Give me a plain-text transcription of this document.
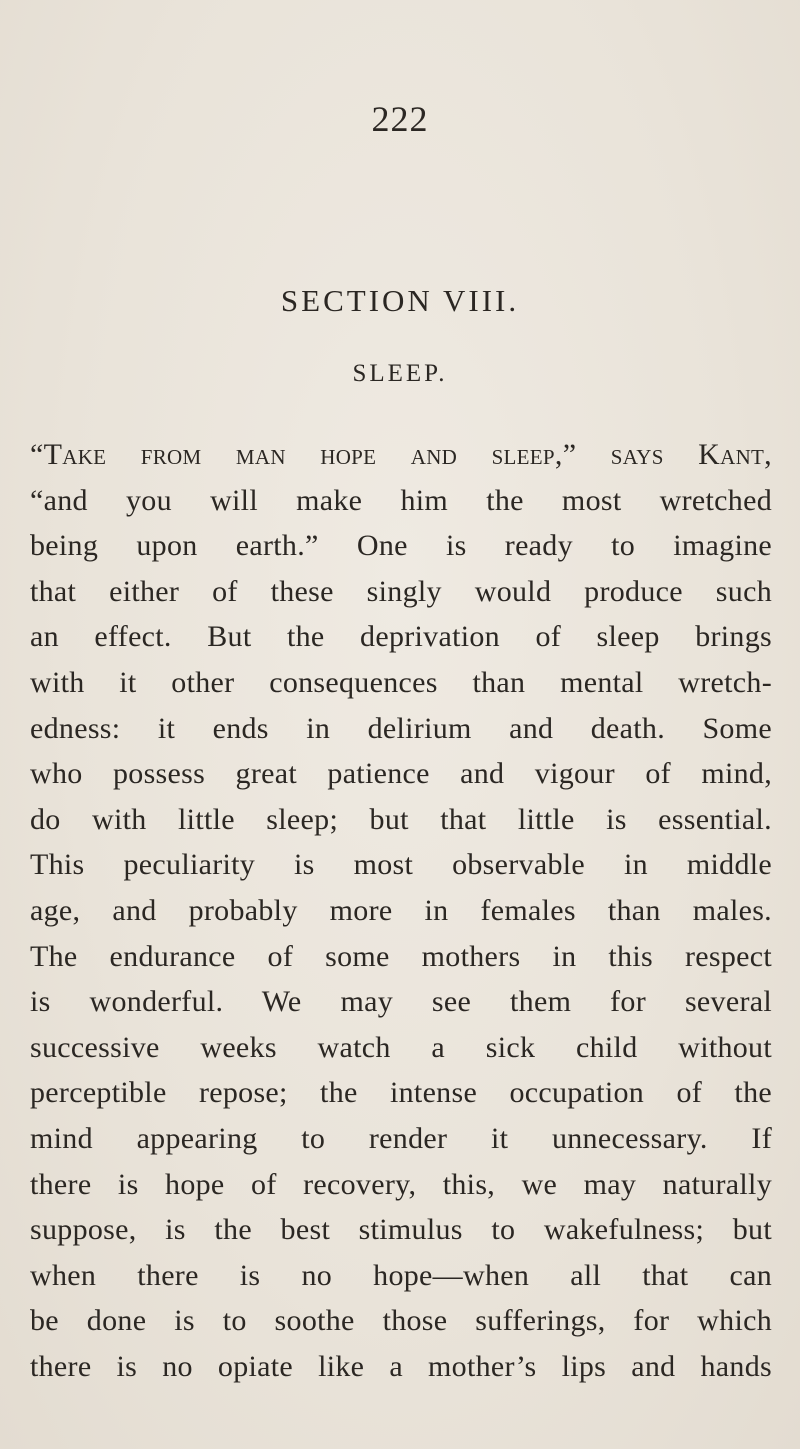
222
SECTION VIII.
SLEEP.
“Take from man hope and sleep,” says Kant,
“and you will make him the most wretched
being upon earth.” One is ready to imagine
that either of these singly would produce such
an effect. But the deprivation of sleep brings
with it other consequences than mental wretch-
edness: it ends in delirium and death. Some
who possess great patience and vigour of mind,
do with little sleep; but that little is essential.
This peculiarity is most observable in middle
age, and probably more in females than males.
The endurance of some mothers in this respect
is wonderful. We may see them for several
successive weeks watch a sick child without
perceptible repose; the intense occupation of the
mind appearing to render it unnecessary. If
there is hope of recovery, this, we may naturally
suppose, is the best stimulus to wakefulness; but
when there is no hope—when all that can
be done is to soothe those sufferings, for which
there is no opiate like a mother’s lips and hands
